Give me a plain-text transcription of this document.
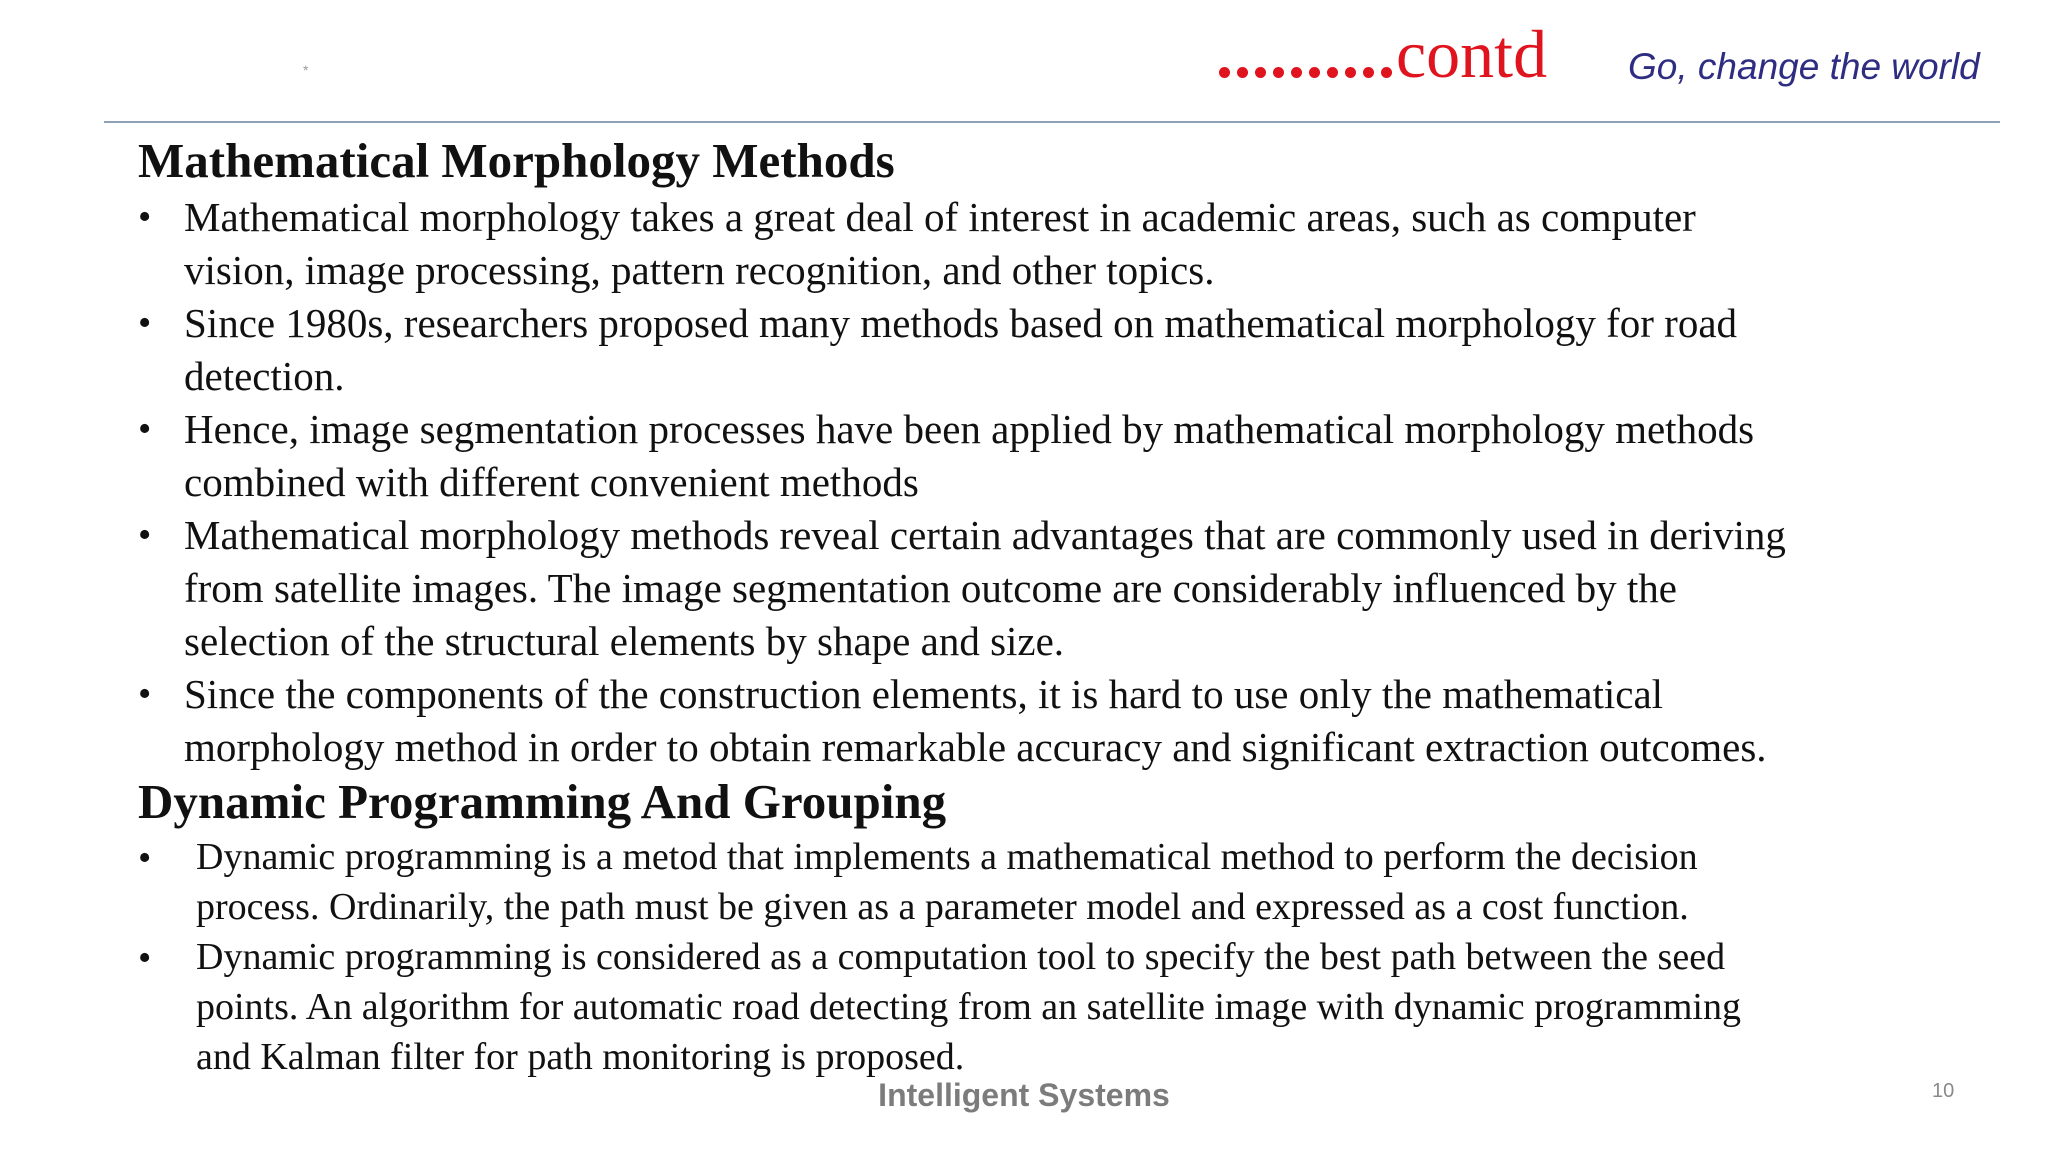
*	..........contd Go, change the world
Mathematical Morphology Methods
• Mathematical morphology takes a great deal of interest in academic areas, such as computer
vision, image processing, pattern recognition, and other topics.
• Since 1980s, researchers proposed many methods based on mathematical morphology for road
detection.
• Hence, image segmentation processes have been applied by mathematical morphology methods
combined with different convenient methods
• Mathematical morphology methods reveal certain advantages that are commonly used in deriving
from satellite images. The image segmentation outcome are considerably influenced by the
selection of the structural elements by shape and size.
• Since the components of the construction elements, it is hard to use only the mathematical
morphology method in order to obtain remarkable accuracy and significant extraction outcomes.
Dynamic Programming And Grouping
• Dynamic programming is a metod that implements a mathematical method to perform the decision
process. Ordinarily, the path must be given as a parameter model and expressed as a cost function.
• Dynamic programming is considered as a computation tool to specify the best path between the seed
points. An algorithm for automatic road detecting from an satellite image with dynamic programming
and Kalman filter for path monitoring is proposed.
Intelligent Systems	10
